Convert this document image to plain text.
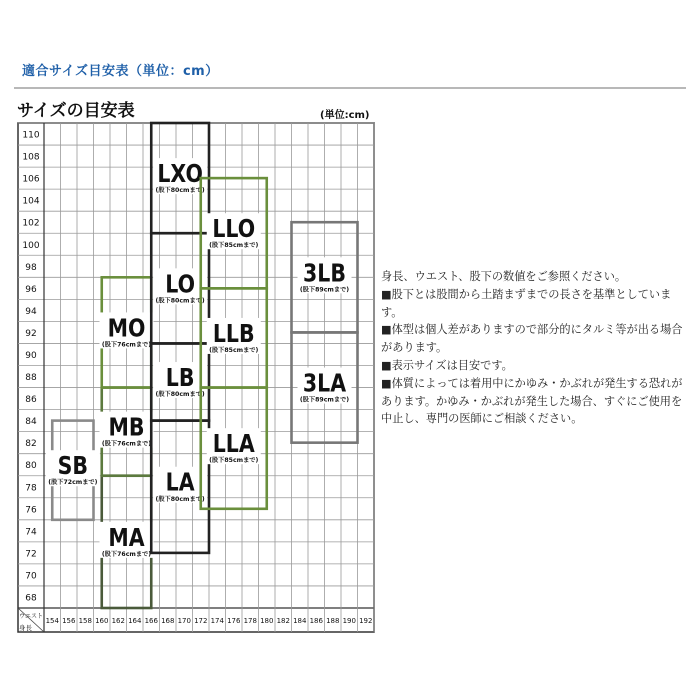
適合サイズ目安表（単位：cm）
サイズの目安表	(単位:cm)
68
70
72
74
76
78
80
82
84
86
88
90
92
94
96
98
100
102
104
106
108
110
154 156 158 160 162 164 166 168 170 172 174 176 178 180 182 184 186 188 190 192
ウエスト
身長
SB
(股下72cmまで)
MA
(股下76cmまで)
MB
(股下76cmまで)
MO
(股下76cmまで)
LA
(股下80cmまで)
LB
(股下80cmまで)
LO
(股下80cmまで)
LXO
(股下80cmまで)
LLA
(股下85cmまで)
LLB
(股下85cmまで)
LLO
(股下85cmまで)
3LA
(股下89cmまで)
3LB
(股下89cmまで)

身長、ウエスト、股下の数値をご参照ください。

■股下とは股間から土踏まずまでの長さを基準としています。

■体型は個人差がありますので部分的にタルミ等が出る場合があります。

■表示サイズは目安です。

■体質によっては着用中にかゆみ・かぶれが発生する恐れがあります。かゆみ・かぶれが発生した場合、すぐにご使用を中止し、専門の医師にご相談ください。
